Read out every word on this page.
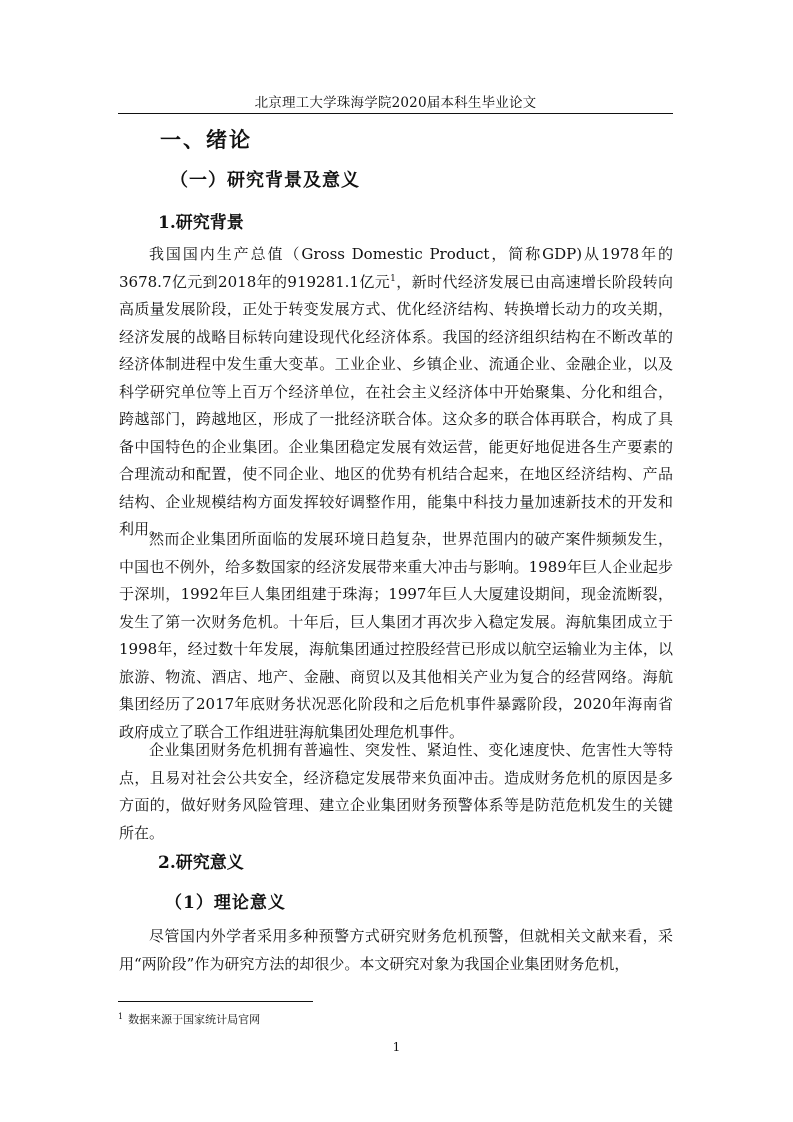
北京理工大学珠海学院2020届本科生毕业论文
一、绪论
（一）研究背景及意义
1.研究背景

我国国内生产总值（Gross Domestic Product，简称GDP)从1978年的3678.7亿元到2018年的919281.1亿元$^1$，新时代经济发展已由高速增长阶段转向高质量发展阶段，正处于转变发展方式、优化经济结构、转换增长动力的攻关期，经济发展的战略目标转向建设现代化经济体系。我国的经济组织结构在不断改革的经济体制进程中发生重大变革。工业企业、乡镇企业、流通企业、金融企业，以及科学研究单位等上百万个经济单位，在社会主义经济体中开始聚集、分化和组合，跨越部门，跨越地区，形成了一批经济联合体。这众多的联合体再联合，构成了具备中国特色的企业集团。企业集团稳定发展有效运营，能更好地促进各生产要素的合理流动和配置，使不同企业、地区的优势有机结合起来，在地区经济结构、产品结构、企业规模结构方面发挥较好调整作用，能集中科技力量加速新技术的开发和利用。

然而企业集团所面临的发展环境日趋复杂，世界范围内的破产案件频频发生，中国也不例外，给多数国家的经济发展带来重大冲击与影响。1989年巨人企业起步于深圳，1992年巨人集团组建于珠海；1997年巨人大厦建设期间，现金流断裂，发生了第一次财务危机。十年后，巨人集团才再次步入稳定发展。海航集团成立于1998年，经过数十年发展，海航集团通过控股经营已形成以航空运输业为主体，以旅游、物流、酒店、地产、金融、商贸以及其他相关产业为复合的经营网络。海航集团经历了2017年底财务状况恶化阶段和之后危机事件暴露阶段，2020年海南省政府成立了联合工作组进驻海航集团处理危机事件。

企业集团财务危机拥有普遍性、突发性、紧迫性、变化速度快、危害性大等特点，且易对社会公共安全，经济稳定发展带来负面冲击。造成财务危机的原因是多方面的，做好财务风险管理、建立企业集团财务预警体系等是防范危机发生的关键所在。

2.研究意义
（1）理论意义

尽管国内外学者采用多种预警方式研究财务危机预警，但就相关文献来看，采用“两阶段”作为研究方法的却很少。本文研究对象为我国企业集团财务危机，

$^1$ 数据来源于国家统计局官网
1
